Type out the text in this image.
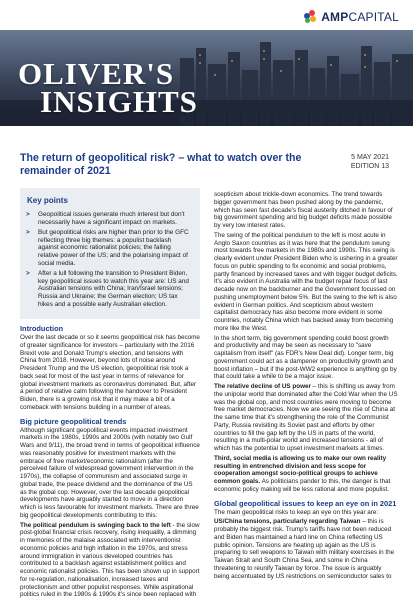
AMPCAPITAL
OLIVER'S
INSIGHTS
The return of geopolitical risk? – what to watch over the remainder of 2021
5 MAY 2021
EDITION 13
Key points
>	Geopolitical issues generate much interest but don't necessarily have a significant impact on markets.
>	But geopolitical risks are higher than prior to the GFC reflecting three big themes: a populist backlash against economic rationalist policies; the falling relative power of the US; and the polarising impact of social media.
>	After a lull following the transition to President Biden, key geopolitical issues to watch this year are: US and Australian tensions with China; Iran/Israel tensions; Russia and Ukraine; the German election; US tax hikes and a possible early Australian election.
Introduction
Over the last decade or so it seems geopolitical risk has become of greater significance for investors – particularly with the 2016 Brexit vote and Donald Trump's election, and tensions with China from 2018. However, beyond lots of noise around President Trump and the US election, geopolitical risk took a back seat for most of the last year in terms of relevance for global investment markets as coronavirus dominated. But, after a period of relative calm following the handover to President Biden, there is a growing risk that it may make a bit of a comeback with tensions building in a number of areas.
Big picture geopolitical trends
Although significant geopolitical events impacted investment markets in the 1980s, 1990s and 2000s (with notably two Gulf Wars and 9/11), the broad trend in terms of geopolitical influence was reasonably positive for investment markets with the embrace of free market/economic rationalism (after the perceived failure of widespread government intervention in the 1970s), the collapse of communism and associated surge in global trade, the peace dividend and the dominance of the US as the global cop. However, over the last decade geopolitical developments have arguably started to move in a direction which is less favourable for investment markets. There are three big geopolitical developments contributing to this:
The political pendulum is swinging back to the left - the slow post-global financial crisis recovery, rising inequality, a dimming in memories of the malaise associated with interventionist economic policies and high inflation in the 1970s, and stress around immigration in various developed countries has contributed to a backlash against establishment politics and economic rationalist policies. This has been shown up in support for re-regulation, nationalisation, increased taxes and protectionism and other populist responses. While aspirational politics ruled in the 1980s & 1990s it's since been replaced with
scepticism about trickle-down economics. The trend towards bigger government has been pushed along by the pandemic, which has seen fast decade's fiscal austerity ditched in favour of big government spending and big budget deficits made possible by very low interest rates.
The swing of the political pendulum to the left is most acute in Anglo Saxon countries as it was here that the pendulum swung most towards free markets in the 1980s and 1990s. This swing is clearly evident under President Biden who is ushering in a greater focus on public spending to fix economic and social problems, partly financed by increased taxes and with bigger budget deficits. It's also evident in Australia with the budget repair focus of last decade now on the backburner and the Government focussed on pushing unemployment below 5%. But the swing to the left is also evident in German politics. And scepticism about western capitalist democracy has also become more evident in some countries, notably China which has backed away from becoming more like the West.
In the short term, big government spending could boost growth and productivity and may be seen as necessary to "save capitalism from itself" (as FDR's New Deal did). Longer term, big government could act as a dampener on productivity growth and boost inflation – but if the post-WW2 experience is anything go by that could take a while to be a major issue.
The relative decline of US power – this is shifting us away from the unipolar world that dominated after the Cold War when the US was the global cop, and most countries were moving to become free market democracies. Now we are seeing the rise of China at the same time that it's strengthening the role of the Communist Party, Russia revisiting its Soviet past and efforts by other countries to fill the gap left by the US in parts of the world, resulting in a multi-polar world and increased tensions - all of which has the potential to upset investment markets at times.
Third, social media is allowing us to make our own reality resulting in entrenched division and less scope for cooperation amongst socio-political groups to achieve common goals. As politicians pander to this, the danger is that economic policy making will be less rational and more populist.
Global geopolitical issues to keep an eye on in 2021
The main geopolitical risks to keep an eye on this year are:
US/China tensions, particularly regarding Taiwan – this is probably the biggest risk. Trump's tariffs have not been reduced and Biden has maintained a hard line on China reflecting US public opinion. Tensions are heating up again as the US is preparing to sell weapons to Taiwan with military exercises in the Taiwan Strait and South China Sea, and some in China threatening to reunify Taiwan by force. The issue is arguably being accentuated by US restrictions on semiconductor sales to
